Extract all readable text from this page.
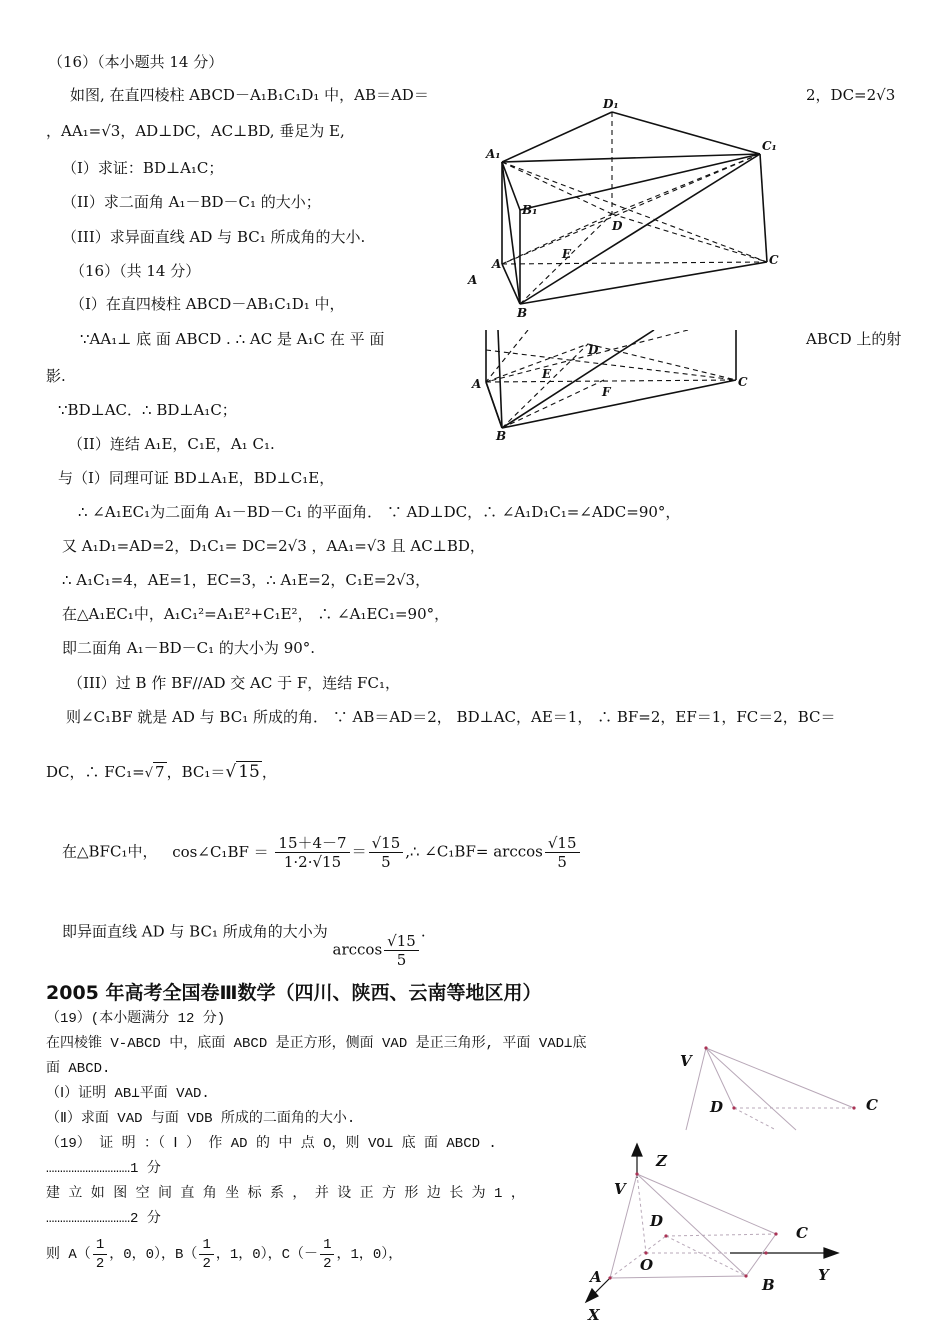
（16）（本小题共 14 分）
如图, 在直四棱柱 ABCD－A₁B₁C₁D₁ 中，AB＝AD＝	2，DC=2√3
，AA₁=√3，AD⊥DC，AC⊥BD, 垂足为 E,
（I）求证：BD⊥A₁C；
（II）求二面角 A₁－BD－C₁ 的大小；
（III）求异面直线 AD 与 BC₁ 所成角的大小.
（16）（共 14 分）
（I）在直四棱柱 ABCD－AB₁C₁D₁ 中，
∵AA₁⊥ 底 面 ABCD . ∴ AC 是 A₁C 在 平 面	ABCD 上的射
影.
∵BD⊥AC．∴ BD⊥A₁C；
（II）连结 A₁E，C₁E，A₁ C₁.
与（I）同理可证 BD⊥A₁E，BD⊥C₁E，
∴ ∠A₁EC₁为二面角 A₁－BD－C₁ 的平面角． ∵ AD⊥DC，∴ ∠A₁D₁C₁=∠ADC=90°，
又 A₁D₁=AD=2，D₁C₁= DC=2√3 ，AA₁=√3 且 AC⊥BD，
∴ A₁C₁=4，AE=1，EC=3，∴ A₁E=2，C₁E=2√3，
在△A₁EC₁中，A₁C₁²=A₁E²+C₁E²， ∴ ∠A₁EC₁=90°，
即二面角 A₁－BD－C₁ 的大小为 90°.
（III）过 B 作 BF//AD 交 AC 于 F，连结 FC₁，
则∠C₁BF 就是 AD 与 BC₁ 所成的角． ∵ AB＝AD＝2， BD⊥AC，AE＝1， ∴ BF=2，EF＝1，FC＝2，BC＝
DC，∴ FC₁=√ 7 ，BC₁＝√ 15 ，
在△BFC₁中， cos∠C₁BF ＝ $\frac{15+4-7}{1\cdot 2\cdot√15} = \frac{√15}{5}$ ,∴ ∠C₁BF= $\arccos \frac{√15}{5}$
即异面直线 AD 与 BC₁ 所成角的大小为 $\arccos \frac{√15}{5}$
.
D₁
A₁
C₁
B₁
D
E
A	C
B
A
D
E
A
F
C
B
2005 年高考全国卷Ⅲ数学（四川、陕西、云南等地区用）
（19）(本小题满分 12 分)
在四棱锥 V-ABCD 中，底面 ABCD 是正方形，侧面 VAD 是正三角形, 平面 VAD⊥底
面 ABCD.
（Ⅰ）证明 AB⊥平面 VAD.
（Ⅱ）求面 VAD 与面 VDB 所成的二面角的大小.
（19） 证 明 ：（ Ⅰ ） 作 AD 的 中 点 O，则 VO⊥ 底 面 ABCD .
…………………………1 分
建 立 如 图 空 间 直 角 坐 标 系 ， 并 设 正 方 形 边 长 为 1 ，
…………………………2 分
则 $A( \frac{1}{2}$ ，0，0），$B( \frac{1}{2}$ ，1，0），$C(- \frac{1}{2}$ ，1，0），
V
D	C
Z
V
D
C
O
Y
A	B
X
